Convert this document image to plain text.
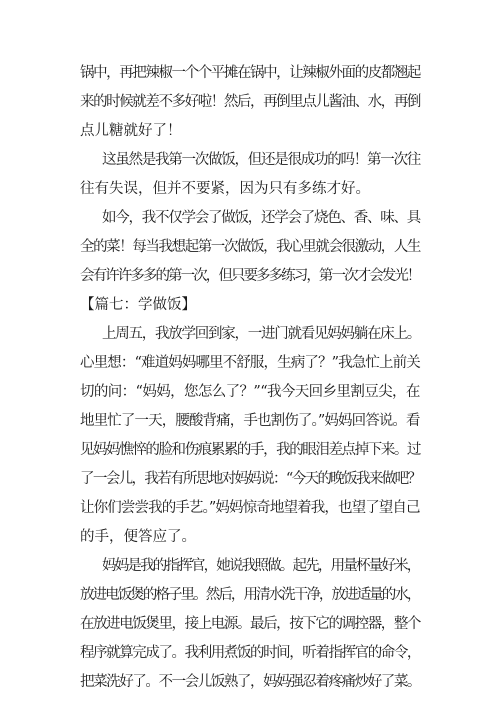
锅中，再把辣椒一个个平摊在锅中，让辣椒外面的皮都翘起
来的时候就差不多好啦！然后，再倒里点儿酱油、水，再倒
点儿糖就好了！
这虽然是我第一次做饭，但还是很成功的吗！第一次往
往有失误，但并不要紧，因为只有多练才好。
如今，我不仅学会了做饭，还学会了烧色、香、味、具
全的菜！每当我想起第一次做饭，我心里就会很激动，人生
会有许许多多的第一次，但只要多多练习，第一次才会发光！
【篇七：学做饭】
上周五，我放学回到家，一进门就看见妈妈躺在床上。
心里想：“难道妈妈哪里不舒服，生病了？”我急忙上前关
切的问：“妈妈，您怎么了？”“我今天回乡里割豆尖，在
地里忙了一天，腰酸背痛，手也割伤了。”妈妈回答说。看
见妈妈憔悴的脸和伤痕累累的手，我的眼泪差点掉下来。过
了一会儿，我若有所思地对妈妈说：“今天的晚饭我来做吧？
让你们尝尝我的手艺。”妈妈惊奇地望着我，也望了望自己
的手，便答应了。
妈妈是我的指挥官，她说我照做。起先，用量杯量好米，
放进电饭煲的格子里。然后，用清水洗干净，放进适量的水，
在放进电饭煲里，接上电源。最后，按下它的调控器，整个
程序就算完成了。我利用煮饭的时间，听着指挥官的命令，
把菜洗好了。不一会儿饭熟了，妈妈强忍着疼痛炒好了菜。
